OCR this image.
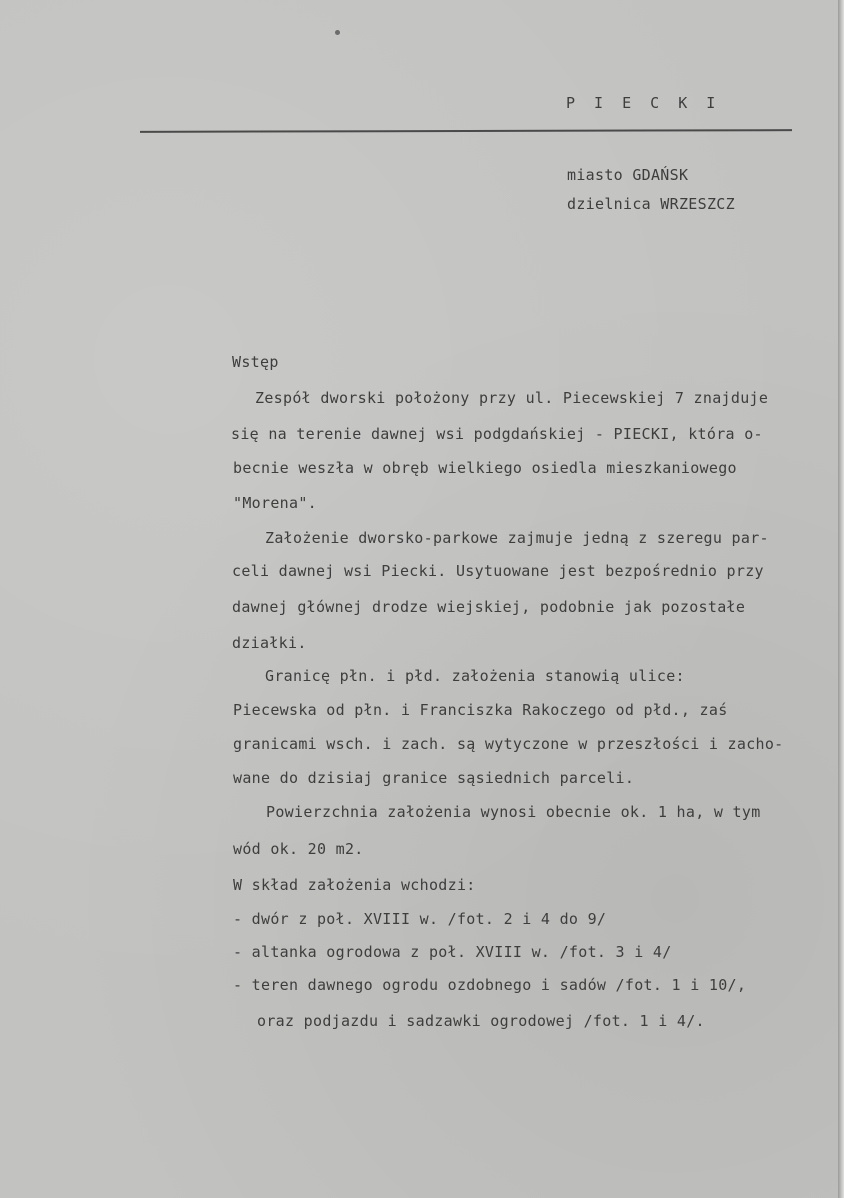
P I E C K I
miasto GDAŃSK
dzielnica WRZESZCZ
Wstęp
Zespół dworski położony przy ul. Piecewskiej 7 znajduje
się na terenie dawnej wsi podgdańskiej - PIECKI, która o-
becnie weszła w obręb wielkiego osiedla mieszkaniowego
"Morena".
Założenie dworsko-parkowe zajmuje jedną z szeregu par-
celi dawnej wsi Piecki. Usytuowane jest bezpośrednio przy
dawnej głównej drodze wiejskiej, podobnie jak pozostałe
działki.
Granicę płn. i płd. założenia stanowią ulice:
Piecewska od płn. i Franciszka Rakoczego od płd., zaś
granicami wsch. i zach. są wytyczone w przeszłości i zacho-
wane do dzisiaj granice sąsiednich parceli.
Powierzchnia założenia wynosi obecnie ok. 1 ha, w tym
wód ok. 20 m2.
W skład założenia wchodzi:
- dwór z poł. XVIII w. /fot. 2 i 4 do 9/
- altanka ogrodowa z poł. XVIII w. /fot. 3 i 4/
- teren dawnego ogrodu ozdobnego i sadów /fot. 1 i 10/,
oraz podjazdu i sadzawki ogrodowej /fot. 1 i 4/.
